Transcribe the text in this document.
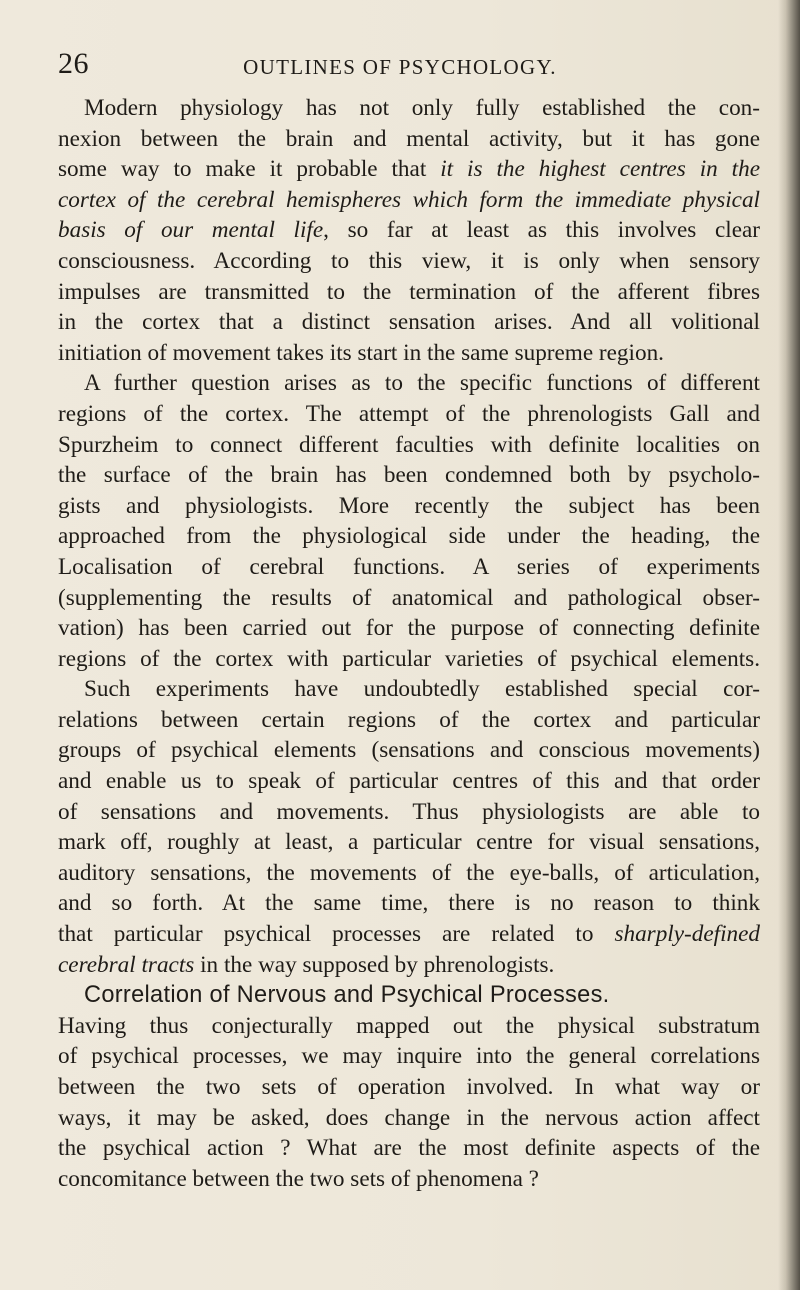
26	OUTLINES OF PSYCHOLOGY.
Modern physiology has not only fully established the con-
nexion between the brain and mental activity, but it has gone
some way to make it probable that it is the highest centres in the
cortex of the cerebral hemispheres which form the immediate physical
basis of our mental life, so far at least as this involves clear
consciousness. According to this view, it is only when sensory
impulses are transmitted to the termination of the afferent fibres
in the cortex that a distinct sensation arises. And all volitional
initiation of movement takes its start in the same supreme region.
A further question arises as to the specific functions of different
regions of the cortex. The attempt of the phrenologists Gall and
Spurzheim to connect different faculties with definite localities on
the surface of the brain has been condemned both by psycholo-
gists and physiologists. More recently the subject has been
approached from the physiological side under the heading, the
Localisation of cerebral functions. A series of experiments
(supplementing the results of anatomical and pathological obser-
vation) has been carried out for the purpose of connecting definite
regions of the cortex with particular varieties of psychical elements.
Such experiments have undoubtedly established special cor-
relations between certain regions of the cortex and particular
groups of psychical elements (sensations and conscious movements)
and enable us to speak of particular centres of this and that order
of sensations and movements. Thus physiologists are able to
mark off, roughly at least, a particular centre for visual sensations,
auditory sensations, the movements of the eye-balls, of articulation,
and so forth. At the same time, there is no reason to think
that particular psychical processes are related to sharply-defined
cerebral tracts in the way supposed by phrenologists.
Correlation of Nervous and Psychical Processes.
Having thus conjecturally mapped out the physical substratum
of psychical processes, we may inquire into the general correlations
between the two sets of operation involved. In what way or
ways, it may be asked, does change in the nervous action affect
the psychical action ? What are the most definite aspects of the
concomitance between the two sets of phenomena ?
